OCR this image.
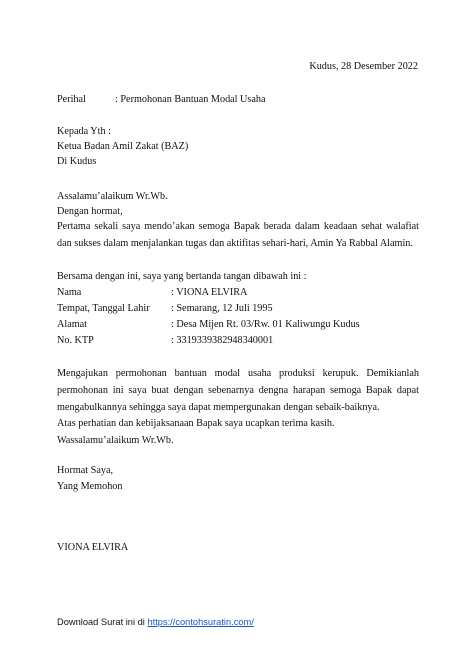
Kudus, 28 Desember 2022
Perihal	: Permohonan Bantuan Modal Usaha
Kepada Yth :
Ketua Badan Amil Zakat (BAZ)
Di Kudus
Assalamu’alaikum Wr.Wb.
Dengan hormat,
Pertama sekali saya mendo’akan semoga Bapak berada dalam keadaan sehat walafiat dan sukses dalam menjalankan tugas dan aktifitas sehari-hari, Amin Ya Rabbal Alamin.
Bersama dengan ini, saya yang bertanda tangan dibawah ini :
Nama	: VIONA ELVIRA
Tempat, Tanggal Lahir : Semarang, 12 Juli 1995
Alamat	: Desa Mijen Rt. 03/Rw. 01 Kaliwungu Kudus
No. KTP	: 3319339382948340001
Mengajukan permohonan bantuan modal usaha produksi kerupuk. Demikianlah permohonan ini saya buat dengan sebenarnya dengna harapan semoga Bapak dapat mengabulkannya sehingga saya dapat mempergunakan dengan sebaik-baiknya.
Atas perhatian dan kebijaksanaan Bapak saya ucapkan terima kasih.
Wassalamu’alaikum Wr.Wb.
Hormat Saya,
Yang Memohon
VIONA ELVIRA
Download Surat ini di https://contohsuratin.com/
